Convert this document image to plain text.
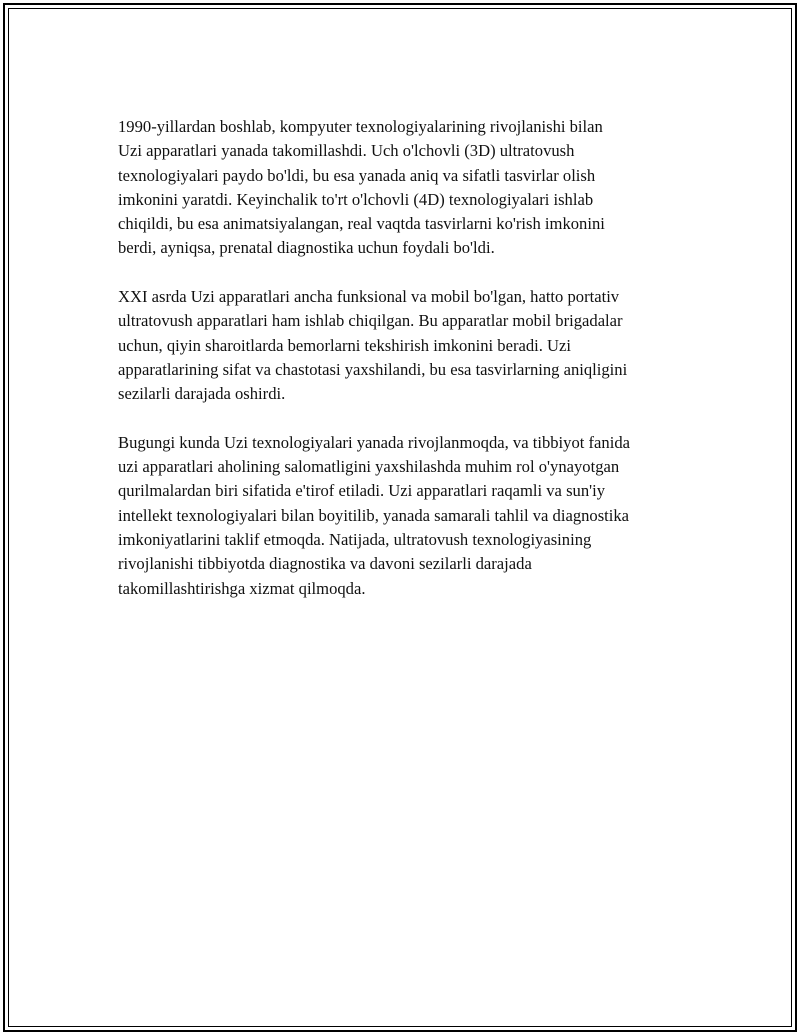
1990-yillardan boshlab, kompyuter texnologiyalarining rivojlanishi bilan
Uzi apparatlari yanada takomillashdi. Uch o'lchovli (3D) ultratovush
texnologiyalari paydo bo'ldi, bu esa yanada aniq va sifatli tasvirlar olish
imkonini yaratdi. Keyinchalik to'rt o'lchovli (4D) texnologiyalari ishlab
chiqildi, bu esa animatsiyalangan, real vaqtda tasvirlarni ko'rish imkonini
berdi, ayniqsa, prenatal diagnostika uchun foydali bo'ldi.

XXI asrda Uzi apparatlari ancha funksional va mobil bo'lgan, hatto portativ
ultratovush apparatlari ham ishlab chiqilgan. Bu apparatlar mobil brigadalar
uchun, qiyin sharoitlarda bemorlarni tekshirish imkonini beradi. Uzi
apparatlarining sifat va chastotasi yaxshilandi, bu esa tasvirlarning aniqligini
sezilarli darajada oshirdi.

Bugungi kunda Uzi texnologiyalari yanada rivojlanmoqda, va tibbiyot fanida
uzi apparatlari aholining salomatligini yaxshilashda muhim rol o'ynayotgan
qurilmalardan biri sifatida e'tirof etiladi. Uzi apparatlari raqamli va sun'iy
intellekt texnologiyalari bilan boyitilib, yanada samarali tahlil va diagnostika
imkoniyatlarini taklif etmoqda. Natijada, ultratovush texnologiyasining
rivojlanishi tibbiyotda diagnostika va davoni sezilarli darajada
takomillashtirishga xizmat qilmoqda.
